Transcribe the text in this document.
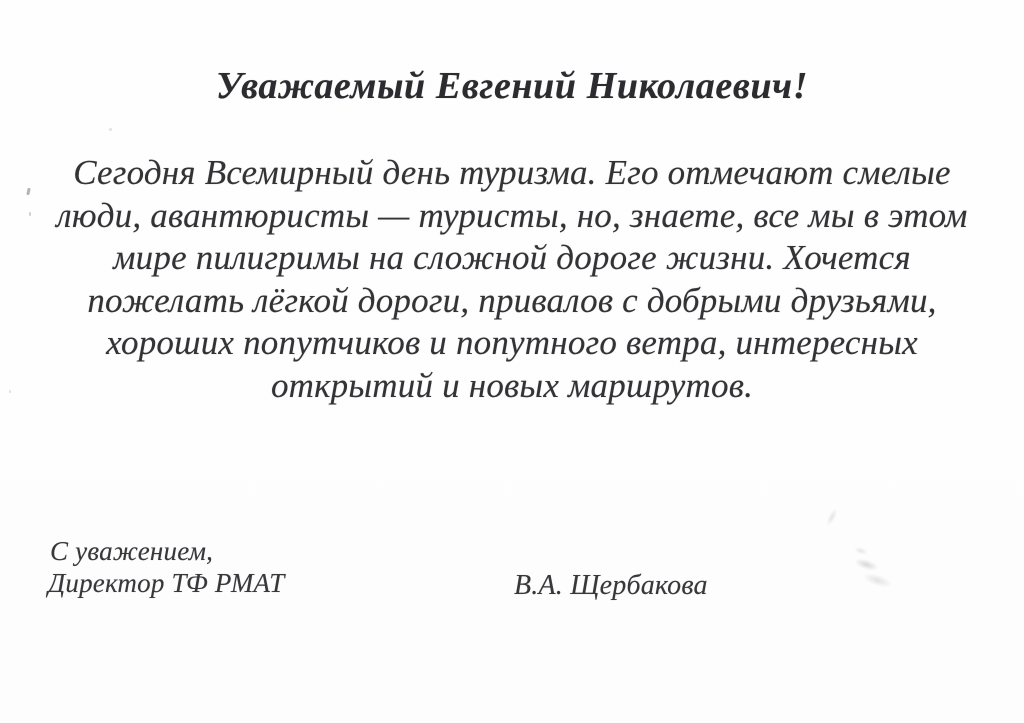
Уважаемый Евгений Николаевич!
Сегодня Всемирный день туризма. Его отмечают смелые
люди, авантюристы — туристы, но, знаете, все мы в этом
мире пилигримы на сложной дороге жизни. Хочется
пожелать лёгкой дороги, привалов с добрыми друзьями,
хороших попутчиков и попутного ветра, интересных
открытий и новых маршрутов.
С уважением,
Директор ТФ РМАТ	В.А. Щербакова
